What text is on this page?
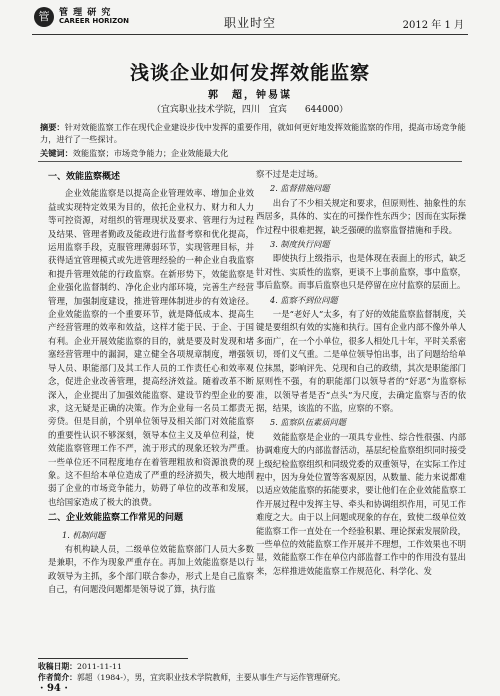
管	管 理 研 究
CAREER HORIZON	职业时空	2012 年 1 月
浅谈企业如何发挥效能监察
郭　超，钟易谋
（宜宾职业技术学院，四川　宜宾　　644000）
摘要：针对效能监察工作在现代企业建设步伐中发挥的重要作用，就如何更好地发挥效能监察的作用，提高市场竞争能力，进行了一些探讨。
关键词：效能监察；市场竞争能力；企业效能最大化
一、效能监察概述

企业效能监察是以提高企业管理效率、增加企业效益或实现特定效果为目的，依托企业权力、财力和人力等可控资源，对组织的管理现状及要求、管理行为过程及结果、管理者勤政及能政进行监督考察和优化提高，运用监察手段，克服管理薄弱环节，实现管理目标，并获得适宜管理模式或先进管理经验的一种企业自我监察和提升管理效能的行政监察。在新形势下，效能监察是企业强化监督制约、净化企业内部环境，完善生产经营管理，加强制度建设，推进管理体制进步的有效途径。企业效能监察的一个重要环节，就是降低成本、提高生产经营管理的效率和效益，这样才能于民、于企、于国有利。企业开展效能监察的目的，就是要及时发现和堵塞经营管理中的漏洞，建立健全各项规章制度，增强领导人员、职能部门及其工作人员的工作责任心和效率观念，促进企业改善管理，提高经济效益。随着改革不断深入，企业提出了加强效能监察、建设节约型企业的要求，这无疑是正确的决策。作为企业每一名员工都责无旁贷。但是目前，个别单位领导及相关部门对效能监察的重要性认识不够深刻，领导本位主义及单位利益，使效能监察管理工作不严，流于形式的现象还较为严重。一些单位还不同程度地存在着管理粗放和资源浪费的现象。这不但给本单位造成了严重的经济损失，极大地削弱了企业的市场竞争能力，妨碍了单位的改革和发展，也给国家造成了极大的浪费。

二、企业效能监察工作常见的问题
1. 机制问题

有机构缺人员，二级单位效能监察部门人员大多数是兼职，不作为现象严重存在。再加上效能监察是以行政领导为主抓，多个部门联合参办，形式上是自己监察自己，有问题没问题都是领导说了算，执行监

察不过是走过场。

2. 监督措施问题

出台了不少相关规定和要求，但原则性、抽象性的东西居多，具体的、实在的可操作性东西少；因而在实际操作过程中很难把握，缺乏强硬的监察监督措施和手段。

3. 制度执行问题

即使执行上级指示，也是体现在表面上的形式，缺乏针对性、实质性的监察，更谈不上事前监察，事中监察，事后监察。而事后监察也只是停留在应付监察的层面上。

4. 监察不到位问题

一是“老好人”太多，有了好的效能监察监督制度，关键是要组织有效的实施和执行。国有企业内部不像外单人多面广，在一个小单位，很多人相处几十年，平时关系密切，哥们义气重。二是单位领导怕出事，出了问题给给单位抹黑，影响评先、兑现和自己的政绩，其次是职能部门原则性不强，有的职能部门以领导者的“好恶”为监察标准，以领导者是否“点头”为尺度，去确定监察与否的依据，结果，该监的不监，应察的不察。

5. 监察队伍素质问题

效能监察是企业的一项具专业性、综合性很强、内部协调难度大的内部监督活动，基层纪检监察组织同时接受上级纪检监察组织和同级党委的双重领导，在实际工作过程中，因为身处位置等客观原因，从数量、能力来说都难以适应效能监察的拓能要求，要让他们在企业效能监察工作开展过程中发挥主导、牵头和协调组织作用，可见工作难度之大。由于以上问题或现象的存在，致使二级单位效能监察工作一直处在一个经验积累、理论探索发展阶段，一些单位的效能监察工作开展并不理想，工作效果也不明显，效能监察工作在单位内部监督工作中的作用没有显出来，怎样推进效能监察工作规范化、科学化、发

收稿日期：2011-11-11
作者简介：郭超（1984-），男，宜宾职业技术学院教师，主要从事生产与运作管理研究。
· 94 ·
